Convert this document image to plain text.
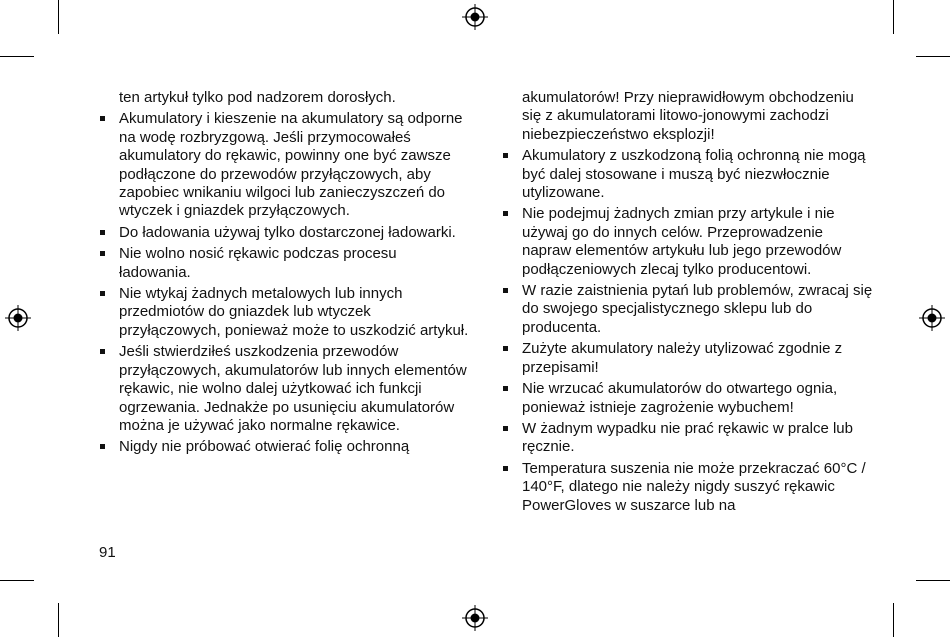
ten artykuł tylko pod nadzorem dorosłych.
Akumulatory i kieszenie na akumulatory są odporne na wodę rozbryzgową. Jeśli przymocowałeś akumulatory do rękawic, powinny one być zawsze podłączone do przewodów przyłączowych, aby zapobiec wnikaniu wilgoci lub zanieczyszczeń do wtyczek i gniazdek przyłączowych.
Do ładowania używaj tylko dostarczonej ładowarki.
Nie wolno nosić rękawic podczas procesu ładowania.
Nie wtykaj żadnych metalowych lub innych przedmiotów do gniazdek lub wtyczek przyłączowych, ponieważ może to uszkodzić artykuł.
Jeśli stwierdziłeś uszkodzenia przewodów przyłączowych, akumulatorów lub innych elementów rękawic, nie wolno dalej użytkować ich funkcji ogrzewania. Jednakże po usunięciu akumulatorów można je używać jako normalne rękawice.
Nigdy nie próbować otwierać folię ochronną
91
akumulatorów! Przy nieprawidłowym obchodzeniu się z akumulatorami litowo-jonowymi zachodzi niebezpieczeństwo eksplozji!
Akumulatory z uszkodzoną folią ochronną nie mogą być dalej stosowane i muszą być niezwłocznie utylizowane.
Nie podejmuj żadnych zmian przy artykule i nie używaj go do innych celów. Przeprowadzenie napraw elementów artykułu lub jego przewodów podłączeniowych zlecaj tylko producentowi.
W razie zaistnienia pytań lub problemów, zwracaj się do swojego specjalistycznego sklepu lub do producenta.
Zużyte akumulatory należy utylizować zgodnie z przepisami!
Nie wrzucać akumulatorów do otwartego ognia, ponieważ istnieje zagrożenie wybuchem!
W żadnym wypadku nie prać rękawic w pralce lub ręcznie.
Temperatura suszenia nie może przekraczać 60°C / 140°F, dlatego nie należy nigdy suszyć rękawic PowerGloves w suszarce lub na
